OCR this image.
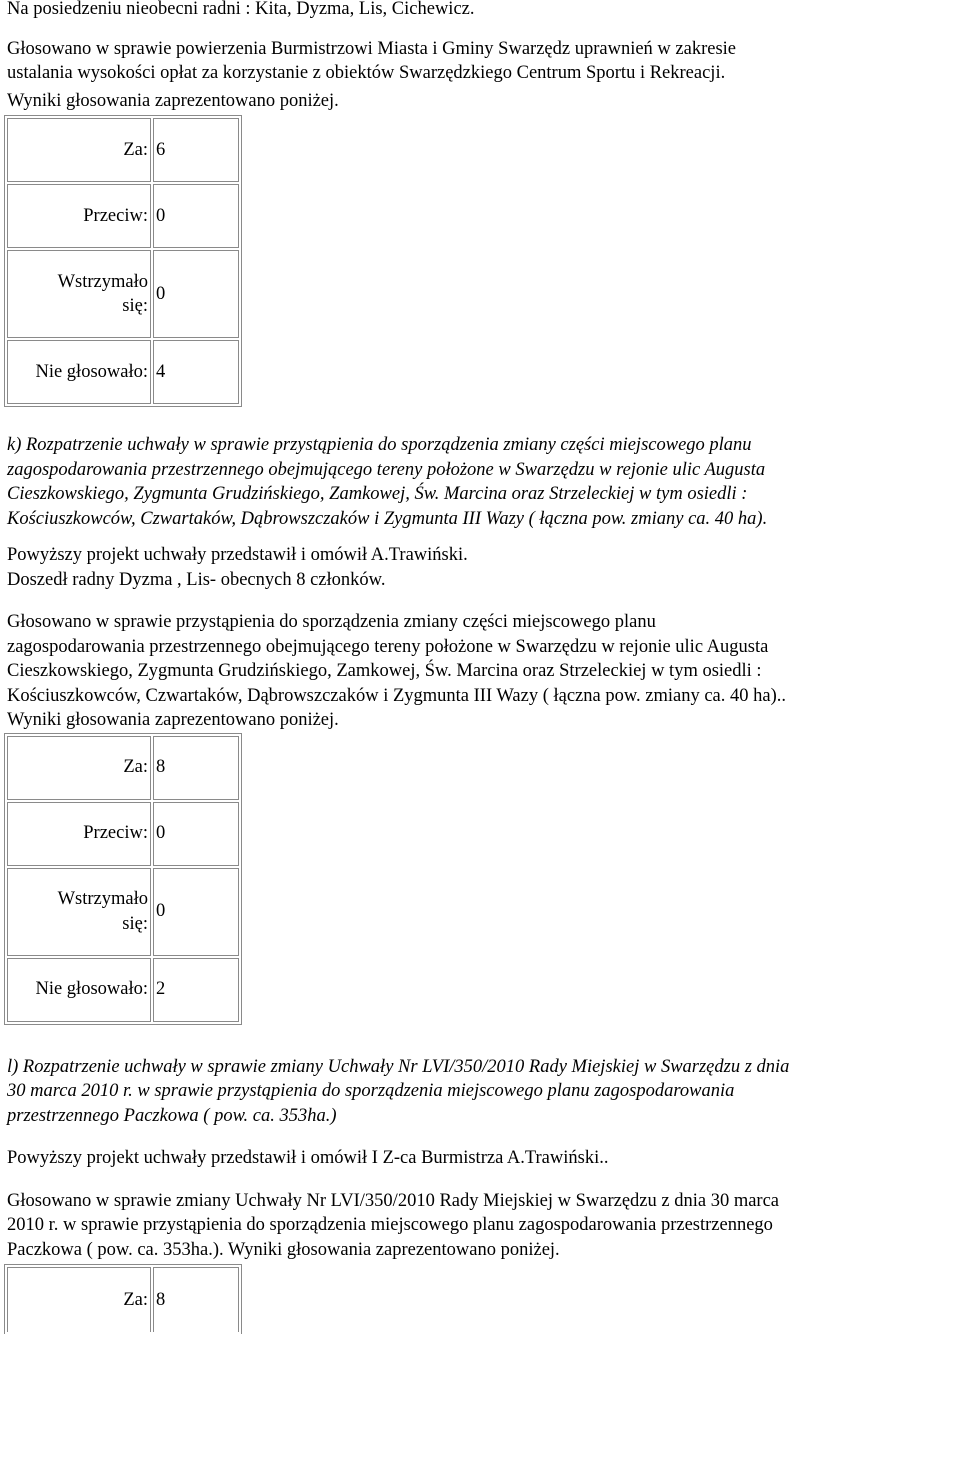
Na posiedzeniu nieobecni radni : Kita, Dyzma, Lis, Cichewicz.

Głosowano w sprawie powierzenia Burmistrzowi Miasta i Gminy Swarzędz uprawnień w zakresie

ustalania wysokości opłat za korzystanie z obiektów Swarzędzkiego Centrum Sportu i Rekreacji.

Wyniki głosowania zaprezentowano poniżej.

Za:	6
Przeciw:	0

Wstrzymało
się:	0
Nie głosowało:	4

k) Rozpatrzenie uchwały w sprawie przystąpienia do sporządzenia zmiany części miejscowego planu

zagospodarowania przestrzennego obejmującego tereny położone w Swarzędzu w rejonie ulic Augusta

Cieszkowskiego, Zygmunta Grudzińskiego, Zamkowej, Św. Marcina oraz Strzeleckiej w tym osiedli :

Kościuszkowców, Czwartaków, Dąbrowszczaków i Zygmunta III Wazy ( łączna pow. zmiany ca. 40 ha).

Powyższy projekt uchwały przedstawił i omówił A.Trawiński.

Doszedł radny Dyzma , Lis- obecnych 8 członków.

Głosowano w sprawie przystąpienia do sporządzenia zmiany części miejscowego planu

zagospodarowania przestrzennego obejmującego tereny położone w Swarzędzu w rejonie ulic Augusta

Cieszkowskiego, Zygmunta Grudzińskiego, Zamkowej, Św. Marcina oraz Strzeleckiej w tym osiedli :

Kościuszkowców, Czwartaków, Dąbrowszczaków i Zygmunta III Wazy ( łączna pow. zmiany ca. 40 ha)..

Wyniki głosowania zaprezentowano poniżej.

Za:	8
Przeciw:	0

Wstrzymało
się:	0
Nie głosowało:	2

l) Rozpatrzenie uchwały w sprawie zmiany Uchwały Nr LVI/350/2010 Rady Miejskiej w Swarzędzu z dnia

30 marca 2010 r. w sprawie przystąpienia do sporządzenia miejscowego planu zagospodarowania

przestrzennego Paczkowa ( pow. ca. 353ha.)

Powyższy projekt uchwały przedstawił i omówił I Z-ca Burmistrza A.Trawiński..

Głosowano w sprawie zmiany Uchwały Nr LVI/350/2010 Rady Miejskiej w Swarzędzu z dnia 30 marca

2010 r. w sprawie przystąpienia do sporządzenia miejscowego planu zagospodarowania przestrzennego

Paczkowa ( pow. ca. 353ha.). Wyniki głosowania zaprezentowano poniżej.

Za:	8
